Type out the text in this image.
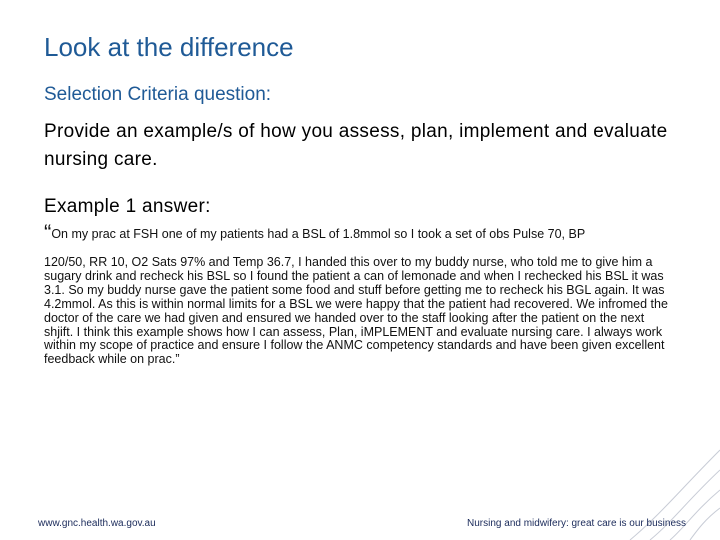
Look at the difference
Selection Criteria question:
Provide an example/s of how you assess, plan, implement and evaluate nursing care.
Example 1 answer:
“On my prac at FSH one of my patients had a BSL of 1.8mmol so I took a set of obs Pulse 70, BP
120/50, RR 10, O2 Sats 97% and Temp 36.7, I handed this over to my buddy nurse, who told me to give him a sugary drink and recheck his BSL so I found the patient a can of lemonade and when I rechecked his BSL it was 3.1. So my buddy nurse gave the patient some food and stuff before getting me to recheck his BGL again. It was 4.2mmol. As this is within normal limits for a BSL we were happy that the patient had recovered. We infromed the doctor of the care we had given and ensured we handed over to the staff looking after the patient on the next shjift. I think this example shows how I can assess, Plan, iMPLEMENT and evaluate nursing care. I always work within my scope of practice and ensure I follow the ANMC competency standards and have been given excellent feedback while on prac.”
www.gnc.health.wa.gov.au	Nursing and midwifery: great care is our business
